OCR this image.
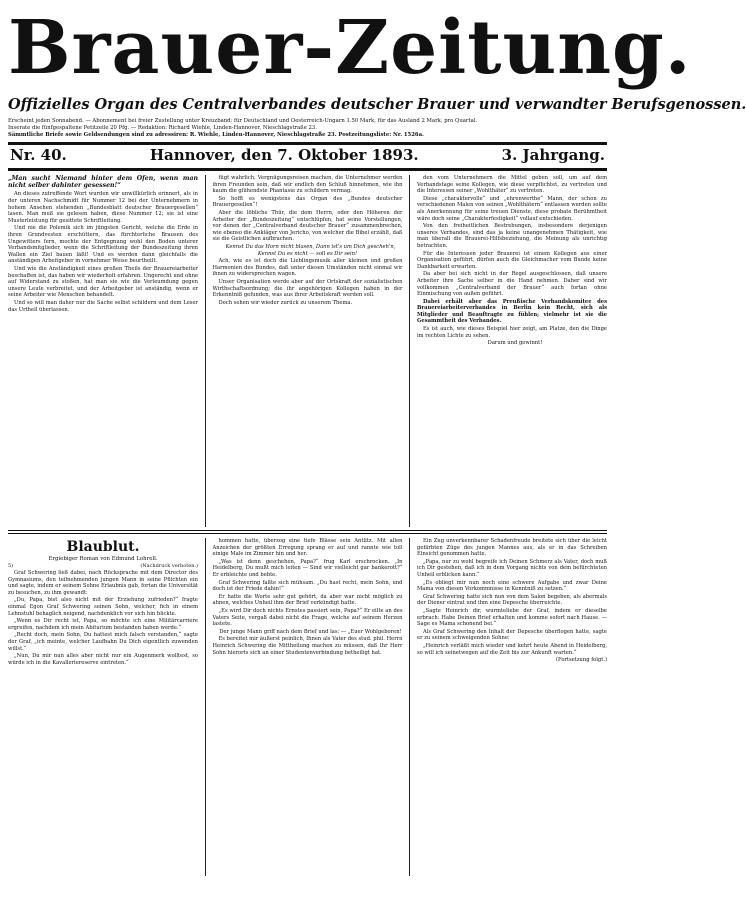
Brauer-Zeitung.
Offizielles Organ des Centralverbandes deutscher Brauer und verwandter Berufsgenossen.

Erscheint jeden Sonnabend. — Abonnement bei freier Zustellung unter Kreuzband: für Deutschland und Oesterreich-Ungarn 1.50 Mark, für das Ausland 2 Mark, pro Quartal.

Inserate die fünfgespaltene Petitzeile 20 Pfg. — Redaktion: Richard Wiehle, Linden-Hannover, Nieschlagstraße 23.

Sämmtliche Briefe sowie Geldsendungen sind zu adressiren: R. Wiehle, Linden-Hannover, Nieschlagstraße 23. Postzeitungsliste: Nr. 1526a.

Nr. 40.	Hannover, den 7. Oktober 1893.	3. Jahrgang.
„Man sucht Niemand hinter dem Ofen, wenn man nicht selber dahinter gesessen!“

An dieses zutreffende Wort wurden wir unwillkürlich erinnert, als in der unteren Nachschmidt für Nummer 12 bei der Unternehmern in hohem Ansehen stehenden „Bundesblatt deutscher Brauergesellen“ lasen. Man muß sie gelesen haben, diese Nummer 12; sie ist eine Musterleistung für gesittete Schriftleitung.

Und nie die Polemik sich im jüngsten Gericht, welche die Erde in ihren Grundvesten erschüttern, das fürchterliche Brausen des Ungewitters fern, mochte der Entgegnung wohl den Boden unterer Verbandsmitglieder, wenn die Schriftleitung der Bundeszeitung ihren Wallen ein Ziel bauen läßt! Und es werden dann gleichfalls die anständigen Arbeitgeber in vornehmer Weise beurtheilt.

Und wie die Anständigkeit eines großen Theils der Brauereiarbeiter beschaffen ist, das haben wir wiederholt erfahren. Ungerecht und ohne auf Widerstand zu stoßen, hat man sie wie die Verleumdung gegen unsere Leute verbreitet, und der Arbeitgeber ist anständig, wenn er seine Arbeiter wie Menschen behandelt.

Und so will man daher nur die Sache selbst schildern und dem Leser das Urtheil überlassen.

fügt wahrlich, Vergnügungsreisen machen, die Unternehmer werden ihren Freunden sein, daß wir endlich den Schluß hinnehmen, wie ihn kaum die glühendste Phantasie zu schildern vermag.

So hofft es wenigstens das Organ des „Bundes deutscher Brauergesellen“!

Aber die löbliche Thür, die dem Herrn, oder den Höheren der Arbeiter der „Bundeszeitung“ entschlüpfen, hat seine Vorstellungen, vor denen der „Centralverband deutscher Brauer“ zusammenbrechen, wie ebenso die Ankläger von Jericho, von welcher die Bibel erzählt, daß sie die Geistlichen aufbrachen.

Kennst Du das Horn nicht blasen, Dann ist's um Dich gescheh'n, Kennst Du es nicht — soll es Dir sein!

Ach, wie es ist doch die Lieblingsmusik aller kleinen und großen Harmonien des Bundes, daß unter diesen Umständen nicht einmal wir ihnen zu widersprechen wagen.

Unser Organisation werde aber auf der Ortskraft der sozialistischen Wirthschaftsordnung; die ihr angehörigen Kollegen haben in der Erkenntniß gefunden, was aus ihrer Arbeitskraft werden soll.

Doch sehen wir wieder zurück zu unserem Thema.

den vom Unternehmern die Mittel geben soll, um auf dem Verbandstage seine Kollegen, wie diese verpflichtet, zu vertreten und die Interessen seiner „Wohlthäter“ zu vertreten.

Diese „charaktervolle“ und „ehrenwerthe“ Mann, der schon zu verschiedenen Malen von seinen „Wohlthätern“ entlassen werden sollte als Anerkennung für seine treuen Dienste, diese probate Berühmtheit wäre doch seine „Charakterfestigkeit“ vollauf entschieden.

Von den freiheitlichen Bestrebungen, insbesondere derjenigen unseres Verbandes, sind das ja keine unangenehmen Thätigkeit, wie man überall die Brauerei-Hilfsbeziehung, die Meinung als unrichtig betrachten.

Für die Interessen jeder Brauerei ist einem Kollegen aus einer Organisation geführt, dürfen auch die Gleichmacher vom Bunde keine Dankbarkeit erwarten.

Da aber bei sich nicht in der Regel ausgeschlossen, daß unsere Arbeiter ihre Sache selber in die Hand nehmen. Daher sind wir vollkommen „Centralverband der Brauer“ auch fortan ohne Einmischung von außen geführt.

Dabei erhält aber das Preußische Verbandskomitee des Brauereiarbeiterverbandes in Berlin kein Recht, sich als Mitglieder und Beauftragte zu fühlen; vielmehr ist sie die Gesammtheit des Verbandes.

Es ist auch, wie dieses Beispiel hier zeigt, am Platze, den die Dinge im rechten Lichte zu sehen.

Darum und gewinnt!

Blaublut.
Ergiebiger Roman von Edmund Lohrell.
5)	(Nachdruck verboten.)

Graf Schwering ließ dabei, nach Rücksprache mit dem Director des Gymnasiums, den teilnehmenden jungen Mann in seine Pflichten ein und sagte, indem er seinem Sohne Erlaubnis gab, fortan die Universität zu besuchen, zu ihm gewandt:

„Du, Papa, bist also nicht mit der Erziehung zufrieden?“ fragte einmal Egon Graf Schwering seinen Sohn, welcher, fich in einem Lehnstuhl behaglich neigend, nachdenklich vor sich hin blickte.

„Wenn es Dir recht ist, Papa, so möchte ich eine Militärcarriere ergreifen, nachdem ich mein Abiturium bestanden haben werde.“

„Recht doch, mein Sohn, Du hattest mich falsch verstanden,“ sagte der Graf, „ich meinte, welcher Laufbahn Du Dich eigentlich zuwenden willst.“

„Nun, Du mir nun alles aber nicht nur ein Augenmerk wolltest, so würde ich in die Kavalleriereserve eintreten.“

hommen hatte, überzog eine tiefe Blässe sein Antlitz. Mit allen Anzeichen der größten Erregung sprang er auf und rannte wie toll einige Male im Zimmer hin und her.

„Was ist denn geschehen, Papa?“ frug Karl erschrocken. „In Heidelberg, Du mußt mich leiten — Sind wir vielleicht gar bankerott?“ Er erbleichte und bebte.

Graf Schwering faßte sich mühsam. „Du hast recht, mein Sohn, und doch ist der Friede dahin!“

Er hatte die Worte sehr gut gehört, da aber war nicht möglich zu ahnen, welches Unheil ihm der Brief verkündigt hatte.

„Es wird Dir doch nichts Ernstes passiert sein, Papa?“ Er eilte an des Vaters Seite, vergaß dabei nicht die Frage, welche auf seinem Herzen lastete.

Der junge Mann griff nach dem Brief und las: — „Euer Wohlgeboren!

Es bereitet mir äußerst peinlich, Ihnen als Vater des stud. phil. Herrn Heinrich Schwering die Mittheilung machen zu müssen, daß Ihr Herr Sohn hierorts sich an einer Studentenverbindung betheiligt hat.

Ein Zug unverkennbarer Schadenfreude breitete sich über die leicht gefärbten Züge des jungen Mannes aus, als er in das Schreiben Einsicht genommen hatte.

„Papa, nur zu wohl begreife ich Deinen Schmerz als Vater, doch muß ich Dir gestehen, daß ich in dem Vorgang nichts von dem befürchteten Unheil erblicken kann.“

„Es obliegt mir nun noch eine schwere Aufgabe und zwar Deine Mama von diesen Vorkommnisse in Kenntniß zu setzen.“

Graf Schwering hatte sich nun von dem Salon begeben, als abermals der Diener eintrat und ihm eine Depesche überreichte.

„Sagte Heinrich dir, wurmteliebe der Graf, indem er dieselbe erbrach: Habe Deinen Brief erhalten und komme sofort nach Hause. — Sage es Mama schonend bei.“

Als Graf Schwering den Inhalt der Depesche überflogen hatte, sagte er zu seinem schweigenden Sohne:

„Heinrich verläßt mich wieder und kehrt heute Abend in Heidelberg, so will ich seinetwegen auf die Zeit bis zur Ankunft warten.“

(Fortsetzung folgt.)
